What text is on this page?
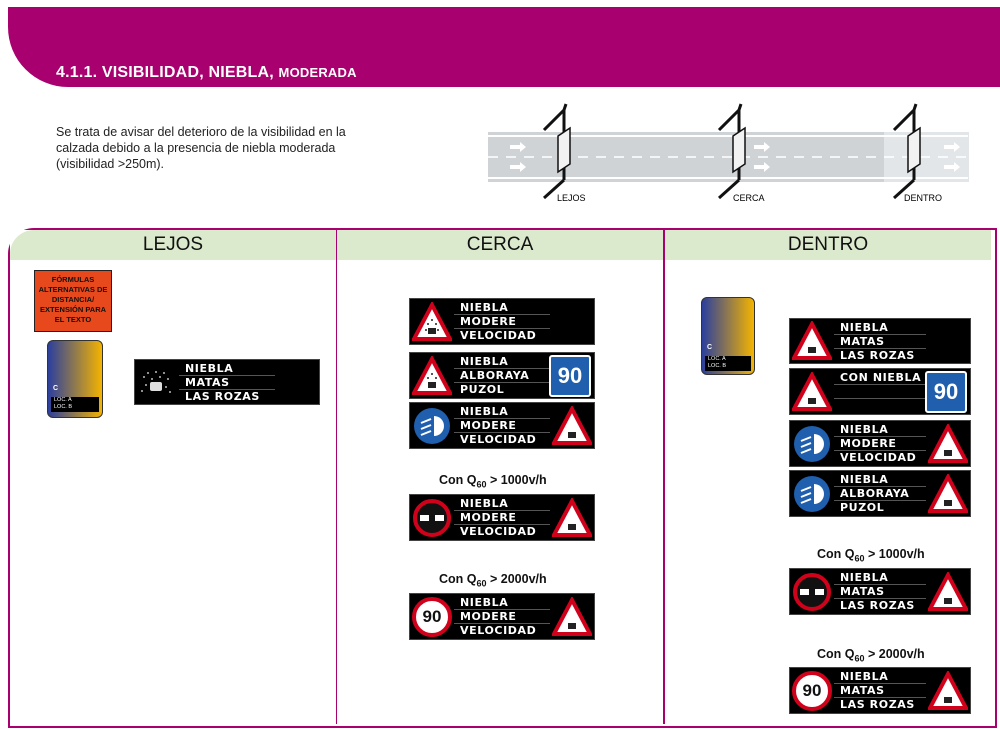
4.1.1. VISIBILIDAD, NIEBLA, MODERADA
Se trata de avisar del deterioro de la visibilidad en la calzada debido a la presencia de niebla moderada (visibilidad >250m).
LEJOS	CERCA	DENTRO
LEJOS	CERCA	DENTRO
FÓRMULAS ALTERNATIVAS DE DISTANCIA/ EXTENSIÓN PARA EL TEXTO
C
LOC. A
LOC. B
NIEBLA
MATAS
LAS ROZAS
NIEBLA
MODERE
VELOCIDAD
NIEBLA
ALBORAYA
PUZOL
90
NIEBLA
MODERE
VELOCIDAD
Con $Q_{60} > 1000v/h$
NIEBLA
MODERE
VELOCIDAD
Con $Q_{60} > 2000v/h$
90
NIEBLA
MODERE
VELOCIDAD
C
LOC. A
LOC. B
NIEBLA
MATAS
LAS ROZAS
CON NIEBLA
90
NIEBLA
MODERE
VELOCIDAD
NIEBLA
ALBORAYA
PUZOL
Con $Q_{60} > 1000v/h$
NIEBLA
MATAS
LAS ROZAS
Con $Q_{60} > 2000v/h$
90
NIEBLA
MATAS
LAS ROZAS
